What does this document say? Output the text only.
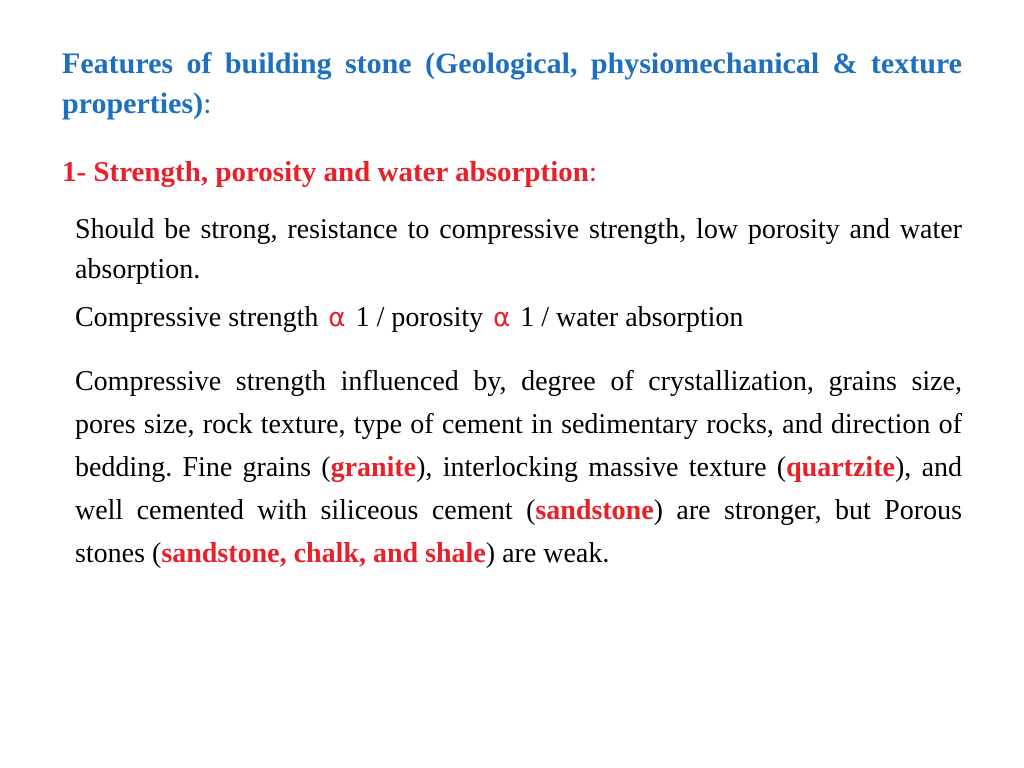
Features of building stone (Geological, physiomechanical & texture properties):
1- Strength, porosity and water absorption:
Should be strong, resistance to compressive strength, low porosity and water absorption.
Compressive strength α 1 / porosity α 1 / water absorption
Compressive strength influenced by, degree of crystallization, grains size, pores size, rock texture, type of cement in sedimentary rocks, and direction of bedding. Fine grains (granite), interlocking massive texture (quartzite), and well cemented with siliceous cement (sandstone) are stronger, but Porous stones (sandstone, chalk, and shale) are weak.
